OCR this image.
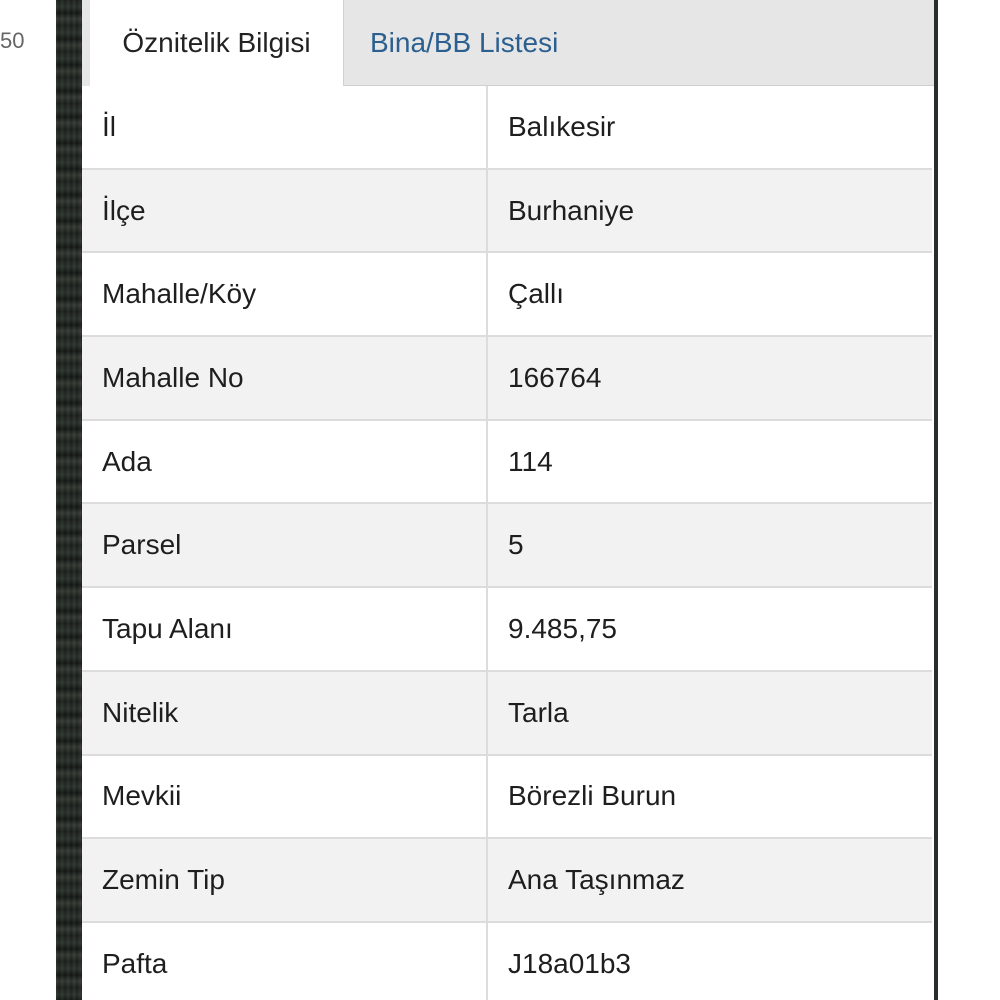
50	Öznitelik Bilgisi	Bina/BB Listesi
İl	Balıkesir
İlçe	Burhaniye
Mahalle/Köy	Çallı
Mahalle No	166764
Ada	114
Parsel	5
Tapu Alanı	9.485,75
Nitelik	Tarla
Mevkii	Börezli Burun
Zemin Tip	Ana Taşınmaz
Pafta	J18a01b3
